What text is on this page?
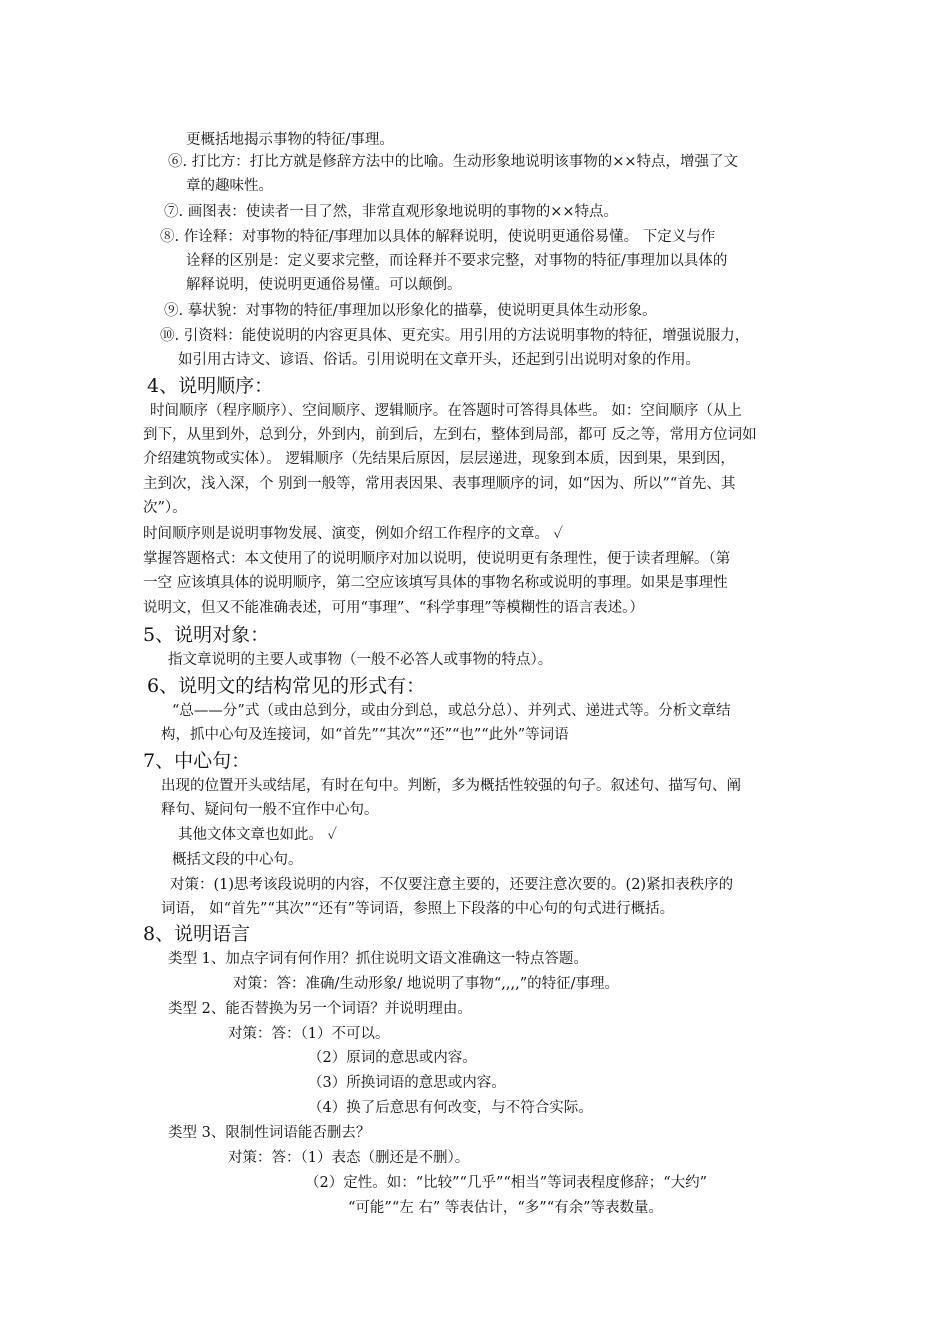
更概括地揭示事物的特征/事理。
⑥. 打比方：打比方就是修辞方法中的比喻。生动形象地说明该事物的××特点，增强了文
章的趣味性。
⑦. 画图表：使读者一目了然，非常直观形象地说明的事物的××特点。
⑧. 作诠释：对事物的特征/事理加以具体的解释说明，使说明更通俗易懂。 下定义与作
诠释的区别是：定义要求完整，而诠释并不要求完整，对事物的特征/事理加以具体的
解释说明，使说明更通俗易懂。可以颠倒。
⑨. 摹状貌：对事物的特征/事理加以形象化的描摹，使说明更具体生动形象。
⑩. 引资料：能使说明的内容更具体、更充实。用引用的方法说明事物的特征，增强说服力，
如引用古诗文、谚语、俗话。引用说明在文章开头，还起到引出说明对象的作用。
4、说明顺序：
时间顺序（程序顺序）、空间顺序、逻辑顺序。在答题时可答得具体些。 如：空间顺序（从上
到下，从里到外，总到分，外到内，前到后，左到右，整体到局部，都可 反之等，常用方位词如
介绍建筑物或实体）。 逻辑顺序（先结果后原因，层层递进，现象到本质，因到果，果到因，
主到次，浅入深，个 别到一般等，常用表因果、表事理顺序的词，如“因为、所以”“首先、其
次”）。
时间顺序则是说明事物发展、演变，例如介绍工作程序的文章。 ✓
掌握答题格式：本文使用了的说明顺序对加以说明，使说明更有条理性，便于读者理解。（第
一空 应该填具体的说明顺序，第二空应该填写具体的事物名称或说明的事理。如果是事理性
说明文，但又不能准确表述，可用“事理”、“科学事理”等模糊性的语言表述。）
5、说明对象：
指文章说明的主要人或事物（一般不必答人或事物的特点）。
6、说明文的结构常见的形式有：
“总——分”式（或由总到分，或由分到总，或总分总）、并列式、递进式等。分析文章结
构，抓中心句及连接词，如“首先”“其次”“还”“也”“此外”等词语
7、中心句：
出现的位置开头或结尾，有时在句中。判断，多为概括性较强的句子。叙述句、描写句、阐
释句、疑问句一般不宜作中心句。
其他文体文章也如此。 ✓
概括文段的中心句。
对策：(1)思考该段说明的内容，不仅要注意主要的，还要注意次要的。(2)紧扣表秩序的
词语， 如“首先”“其次”“还有”等词语，参照上下段落的中心句的句式进行概括。
8、说明语言
类型 1、加点字词有何作用？抓住说明文语文准确这一特点答题。
对策：答：准确/生动形象/ 地说明了事物“,,,,”的特征/事理。
类型 2、能否替换为另一个词语？并说明理由。
对策：答：（1）不可以。
（2）原词的意思或内容。
（3）所换词语的意思或内容。
（4）换了后意思有何改变，与不符合实际。
类型 3、限制性词语能否删去？
对策：答：（1）表态（删还是不删）。
（2）定性。如：“比较”“几乎”“相当”等词表程度修辞；“大约”
“可能”“左 右” 等表估计，“多”“有余”等表数量。
